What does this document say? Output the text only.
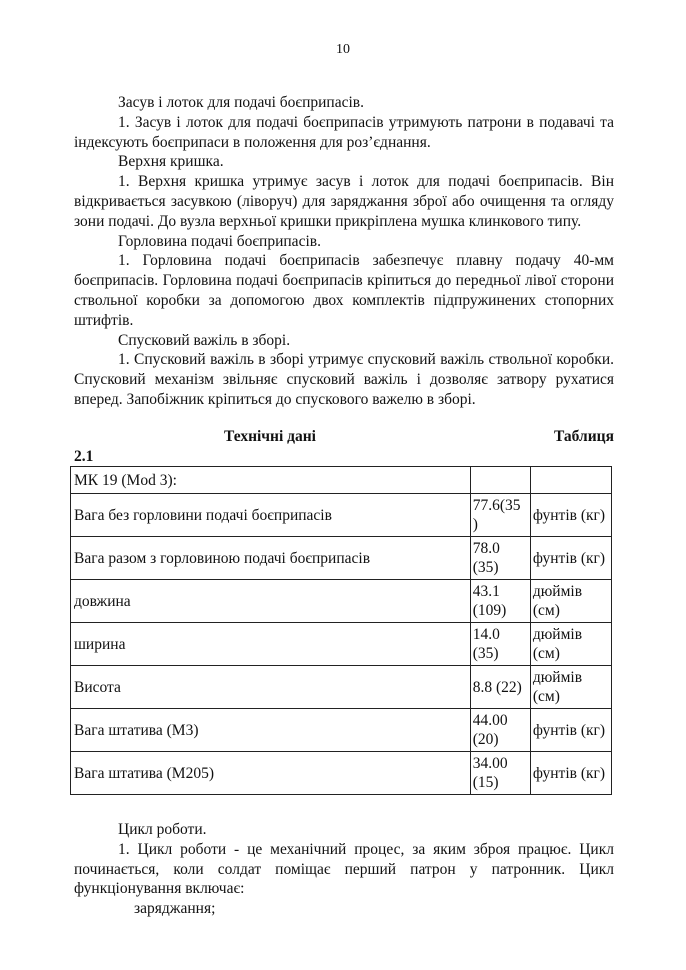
10

Засув і лоток для подачі боєприпасів.

1. Засув і лоток для подачі боєприпасів утримують патрони в подавачі та індексують боєприпаси в положення для роз’єднання.

Верхня кришка.

1. Верхня кришка утримує засув і лоток для подачі боєприпасів. Він відкривається засувкою (ліворуч) для заряджання зброї або очищення та огляду зони подачі. До вузла верхньої кришки прикріплена мушка клинкового типу.

Горловина подачі боєприпасів.

1. Горловина подачі боєприпасів забезпечує плавну подачу 40-мм боєприпасів. Горловина подачі боєприпасів кріпиться до передньої лівої сторони ствольної коробки за допомогою двох комплектів підпружинених стопорних штифтів.

Спусковий важіль в зборі.

1. Спусковий важіль в зборі утримує спусковий важіль ствольної коробки. Спусковий механізм звільняє спусковий важіль і дозволяє затвору рухатися вперед. Запобіжник кріпиться до спускового важелю в зборі.

Технічні дані	Таблиця
2.1
МК 19 (Mod 3):		
Вага без горловини подачі боєприпасів	77.6(35 )	фунтів (кг)
Вага разом з горловиною подачі боєприпасів	78.0 (35)	фунтів (кг)
довжина	43.1 (109)	дюймів (см)
ширина	14.0 (35)	дюймів (см)
Висота	8.8 (22)	дюймів (см)
Вага штатива (М3)	44.00 (20)	фунтів (кг)
Вага штатива (М205)	34.00 (15)	фунтів (кг)

Цикл роботи.

1. Цикл роботи - це механічний процес, за яким зброя працює. Цикл починається, коли солдат поміщає перший патрон у патронник. Цикл функціонування включає:

заряджання;
